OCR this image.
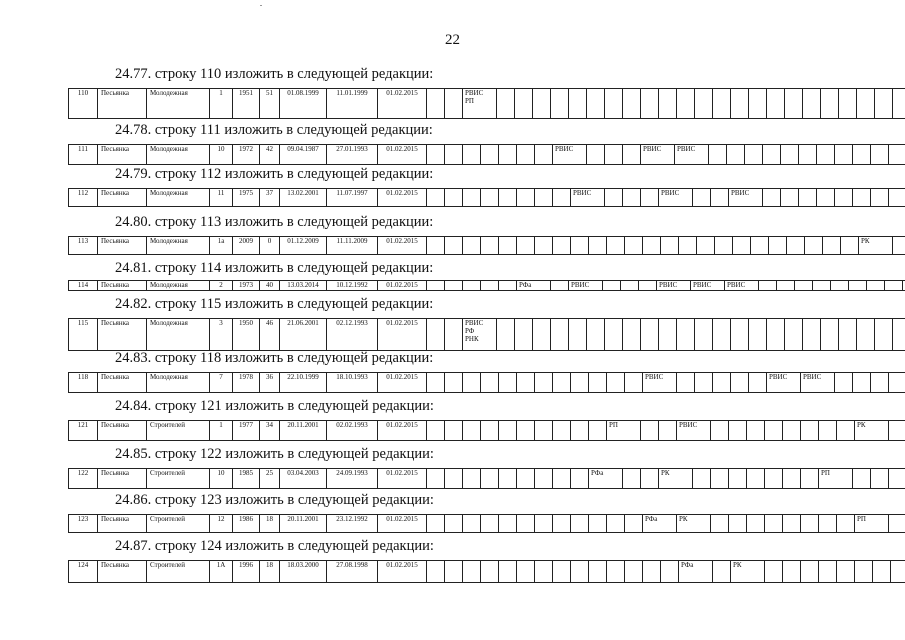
22
24.77. строку 110 изложить в следующей редакции:
110	Песьянка	Молодежная	1	1951	51	01.08.1999	11.01.1999	01.02.2015			РВИС
РП

24.78. строку 111 изложить в следующей редакции:
111	Песьянка	Молодежная	10	1972	42	09.04.1987	27.01.1993	01.02.2015								РВИС				РВИС	РВИС

24.79. строку 112 изложить в следующей редакции:
112	Песьянка	Молодежная	11	1975	37	13.02.2001	11.07.1997	01.02.2015									РВИС				РВИС			РВИС

24.80. строку 113 изложить в следующей редакции:
113	Песьянка	Молодежная	1а	2009	0	01.12.2009	11.11.2009	01.02.2015																									РК

24.81. строку 114 изложить в следующей редакции:
114	Песьянка	Молодежная	2	1973	40	13.03.2014	10.12.1992	01.02.2015						РФа		РВИС				РВИС	РВИС	РВИС

24.82. строку 115 изложить в следующей редакции:
115	Песьянка	Молодежная	3	1950	46	21.06.2001	02.12.1993	01.02.2015			РВИС
РФ
РНК

24.83. строку 118 изложить в следующей редакции:
118	Песьянка	Молодежная	7	1978	36	22.10.1999	18.10.1993	01.02.2015													РВИС						РВИС	РВИС

24.84. строку 121 изложить в следующей редакции:
121	Песьянка	Строителей	1	1977	34	20.11.2001	02.02.1993	01.02.2015											РП			РВИС									РК

24.85. строку 122 изложить в следующей редакции:
122	Песьянка	Строителей	10	1985	25	03.04.2003	24.09.1993	01.02.2015										РФа			РК								РП

24.86. строку 123 изложить в следующей редакции:
123	Песьянка	Строителей	12	1986	18	20.11.2001	23.12.1992	01.02.2015													РФа	РК									РП

24.87. строку 124 изложить в следующей редакции:
124	Песьянка	Строителей	1А	1996	18	18.03.2000	27.08.1998	01.02.2015															РФа		РК
